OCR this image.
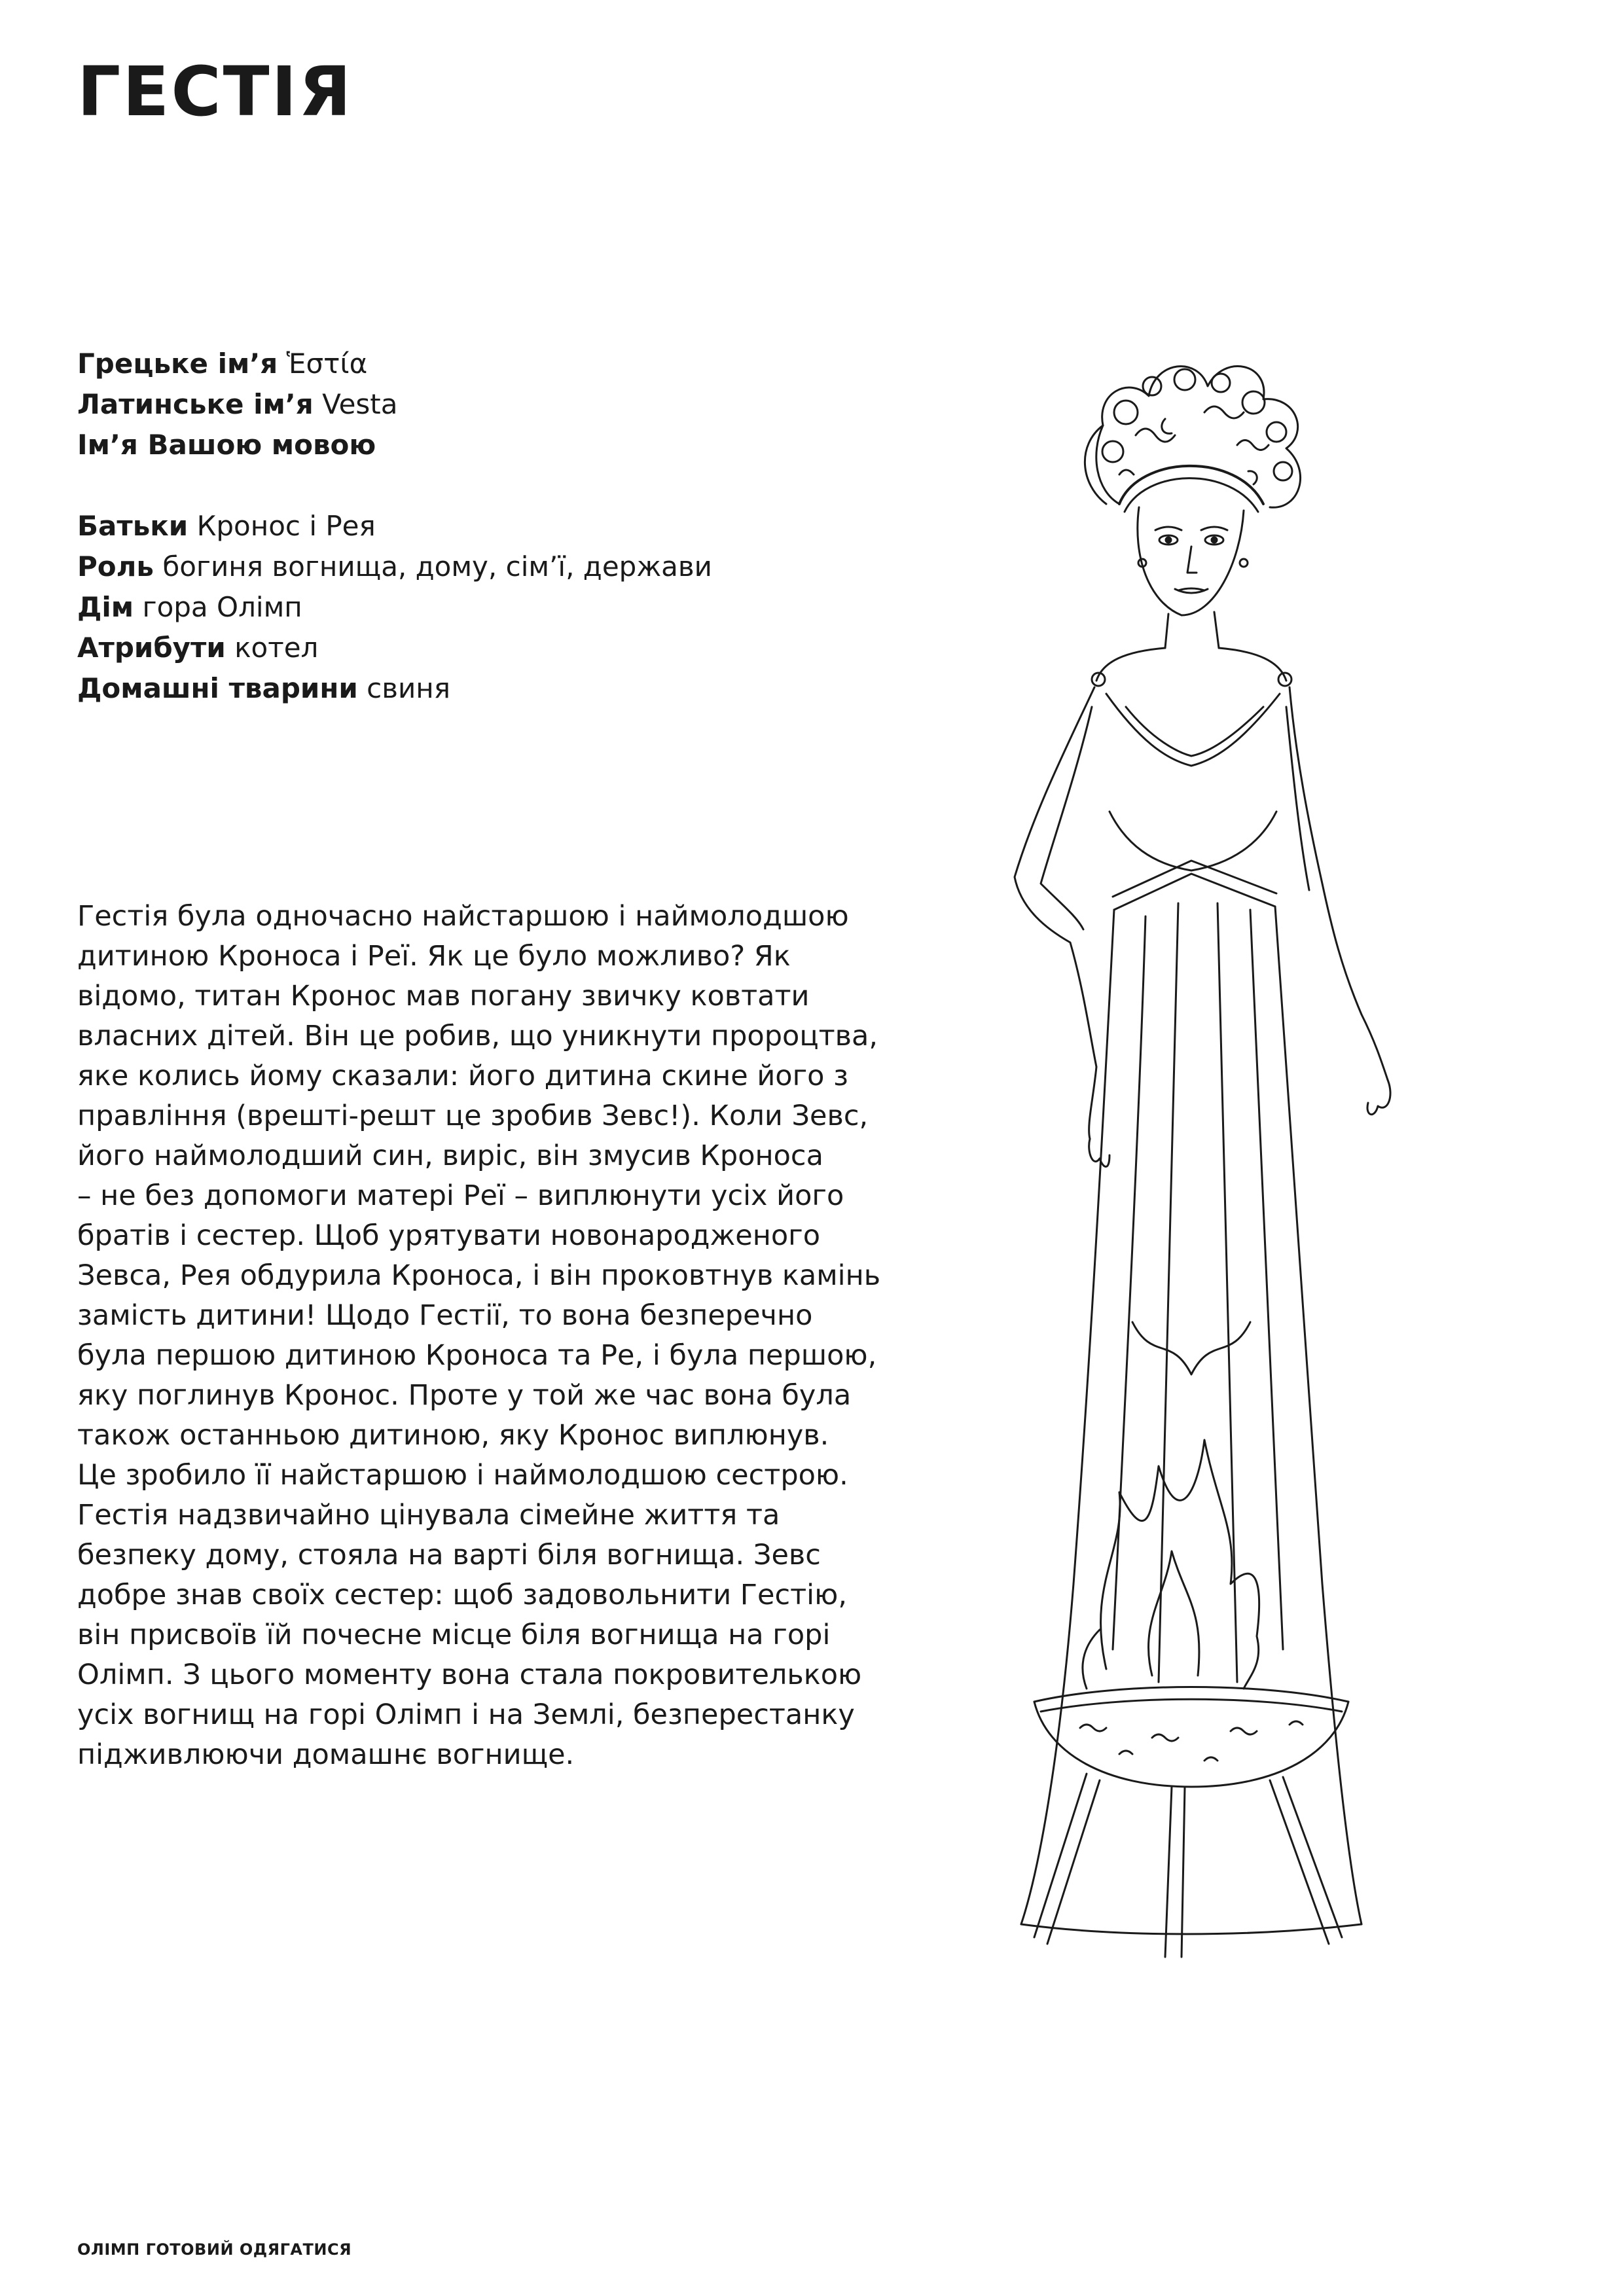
ГЕСТІЯ
Грецьке ім’я Ἑστία
Латинське ім’я Vesta
Ім’я Вашою мовою
Батьки Кронос і Рея
Роль богиня вогнища, дому, сім’ї, держави
Дім гора Олімп
Атрибути котел
Домашні тварини свиня
Гестія була одночасно найстаршою і наймолодшою
дитиною Кроноса і Реї. Як це було можливо? Як
відомо, титан Кронос мав погану звичку ковтати
власних дітей. Він це робив, що уникнути пророцтва,
яке колись йому сказали: його дитина скине його з
правління (врешті-решт це зробив Зевс!). Коли Зевс,
його наймолодший син, виріс, він змусив Кроноса
– не без допомоги матері Реї – виплюнути усіх його
братів і сестер. Щоб урятувати новонародженого
Зевса, Рея обдурила Кроноса, і він проковтнув камінь
замість дитини! Щодо Гестії, то вона безперечно
була першою дитиною Кроноса та Ре, і була першою,
яку поглинув Кронос. Проте у той же час вона була
також останньою дитиною, яку Кронос виплюнув.
Це зробило її найстаршою і наймолодшою сестрою.
Гестія надзвичайно цінувала сімейне життя та
безпеку дому, стояла на варті біля вогнища. Зевс
добре знав своїх сестер: щоб задовольнити Гестію,
він присвоїв їй почесне місце біля вогнища на горі
Олімп. З цього моменту вона стала покровителькою
усіх вогнищ на горі Олімп і на Землі, безперестанку
підживлюючи домашнє вогнище.
ОЛІМП ГОТОВИЙ ОДЯГАТИСЯ
